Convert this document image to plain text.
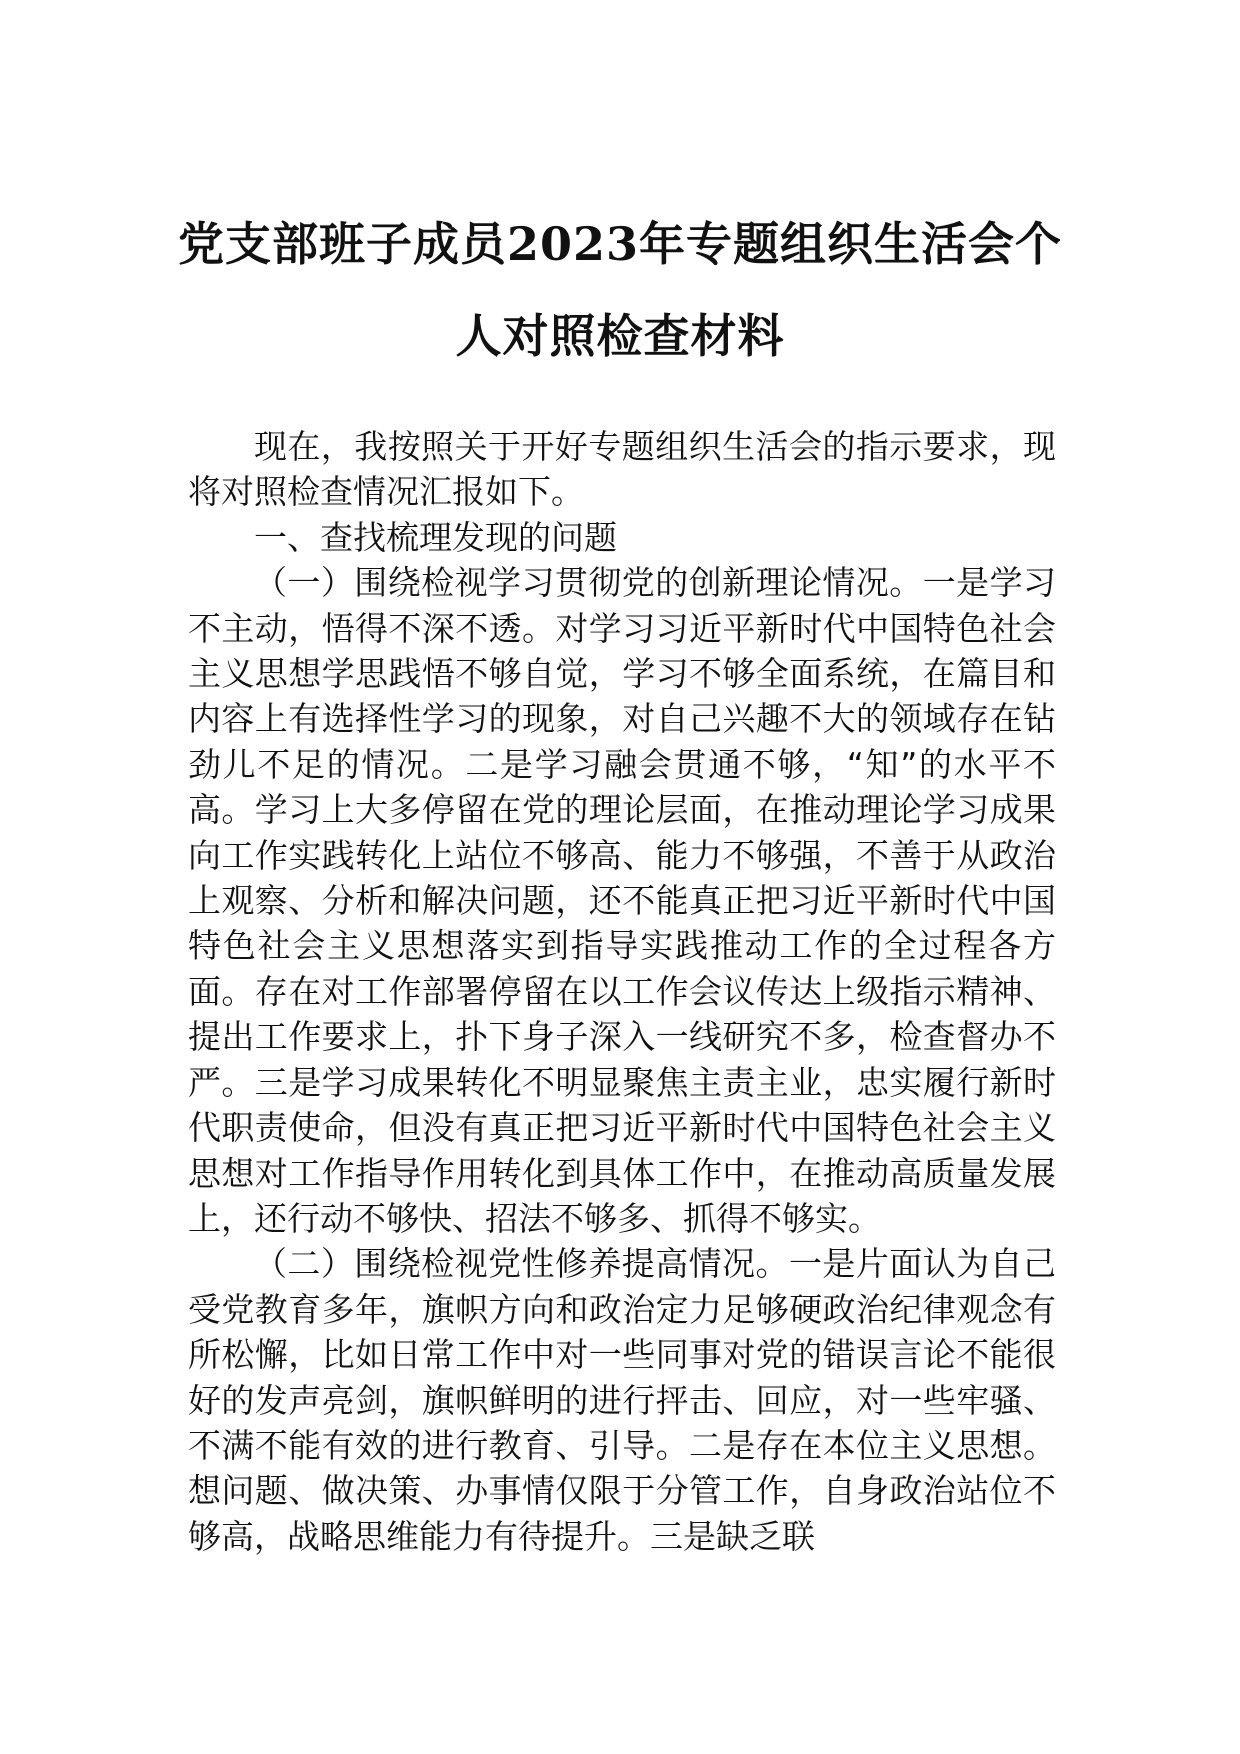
党支部班子成员2023年专题组织生活会个
人对照检查材料

现在，我按照关于开好专题组织生活会的指示要求，现将对照检查情况汇报如下。

一、查找梳理发现的问题

（一）围绕检视学习贯彻党的创新理论情况。一是学习不主动，悟得不深不透。对学习习近平新时代中国特色社会主义思想学思践悟不够自觉，学习不够全面系统，在篇目和内容上有选择性学习的现象，对自己兴趣不大的领域存在钻劲儿不足的情况。二是学习融会贯通不够，“知”的水平不高。学习上大多停留在党的理论层面，在推动理论学习成果向工作实践转化上站位不够高、能力不够强，不善于从政治上观察、分析和解决问题，还不能真正把习近平新时代中国特色社会主义思想落实到指导实践推动工作的全过程各方面。存在对工作部署停留在以工作会议传达上级指示精神、提出工作要求上，扑下身子深入一线研究不多，检查督办不严。三是学习成果转化不明显聚焦主责主业，忠实履行新时代职责使命，但没有真正把习近平新时代中国特色社会主义思想对工作指导作用转化到具体工作中，在推动高质量发展上，还行动不够快、招法不够多、抓得不够实。

（二）围绕检视党性修养提高情况。一是片面认为自己受党教育多年，旗帜方向和政治定力足够硬政治纪律观念有所松懈，比如日常工作中对一些同事对党的错误言论不能很好的发声亮剑，旗帜鲜明的进行抨击、回应，对一些牢骚、不满不能有效的进行教育、引导。二是存在本位主义思想。想问题、做决策、办事情仅限于分管工作，自身政治站位不够高，战略思维能力有待提升。三是缺乏联
